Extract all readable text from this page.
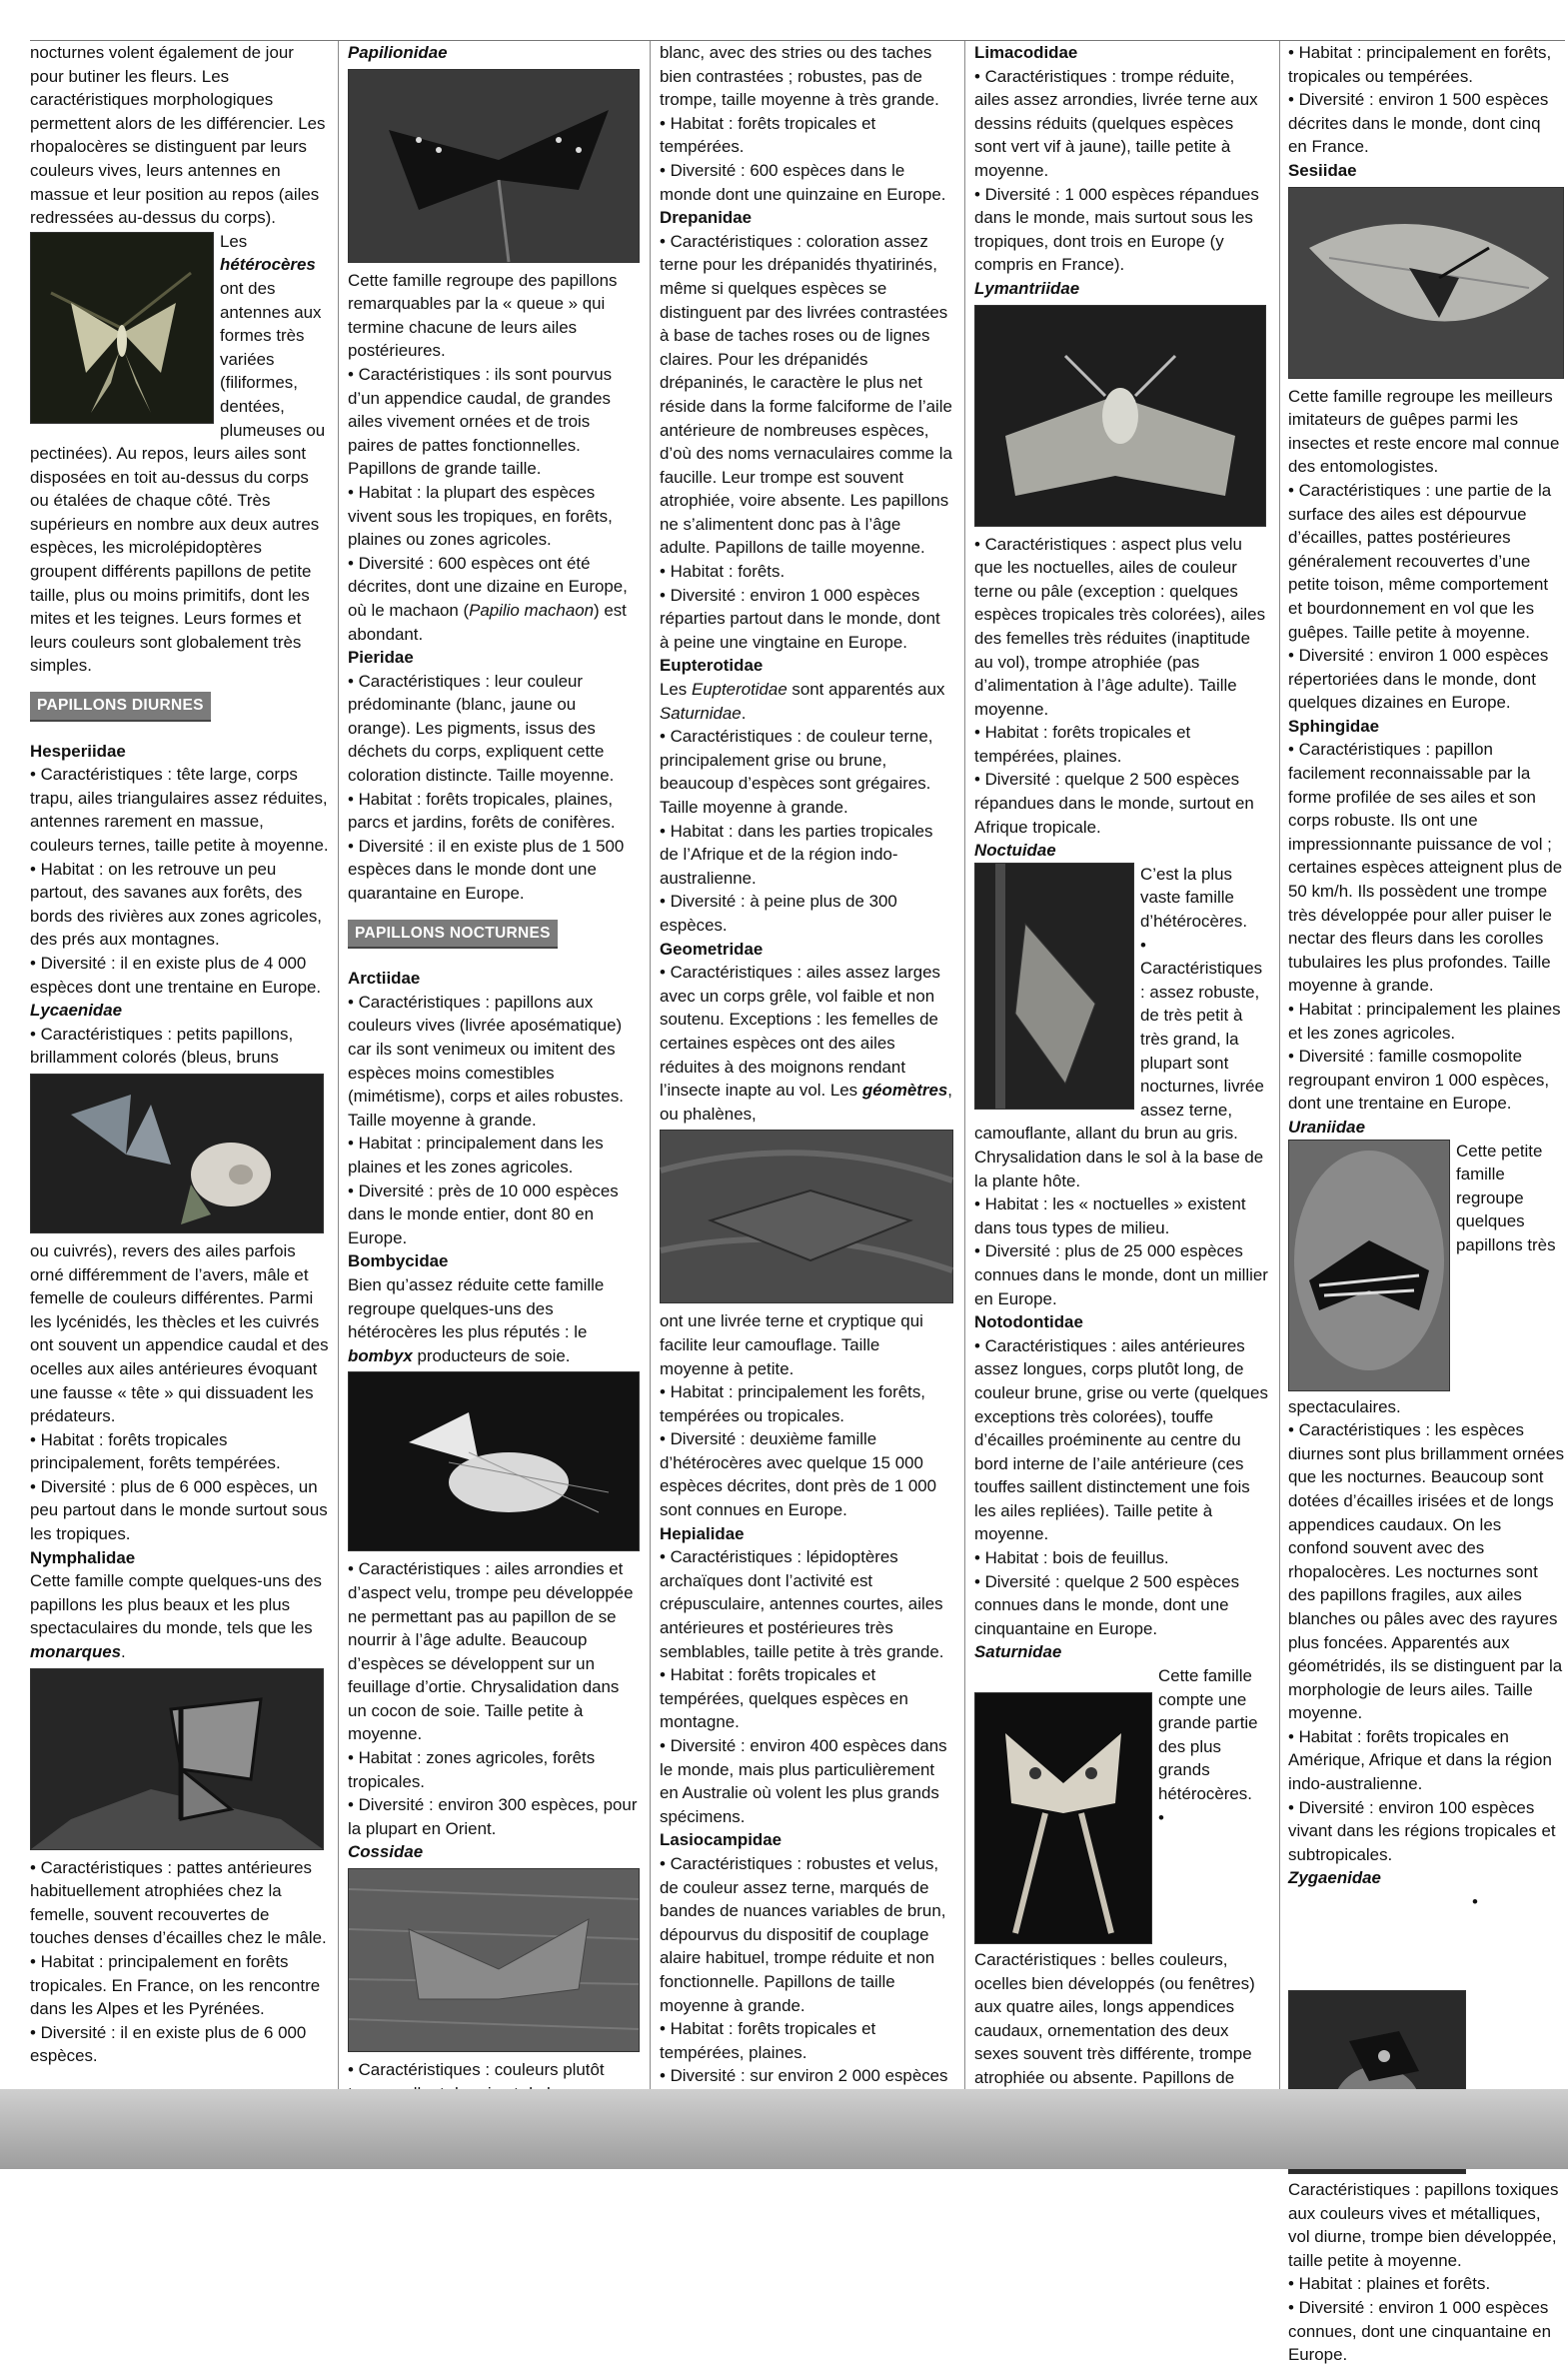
nocturnes volent également de jour pour butiner les fleurs. Les caractéristiques morphologiques permettent alors de les différencier. Les rhopalocères se distinguent par leurs couleurs vives, leurs antennes en massue et leur position au repos (ailes redressées au-dessus du corps).

Les hétérocères ont des antennes aux formes très variées (filiformes, dentées, plumeuses ou pectinées). Au repos, leurs ailes sont disposées en toit au-dessus du corps ou étalées de chaque côté. Très supérieurs en nombre aux deux autres espèces, les microlépidoptères groupent différents papillons de petite taille, plus ou moins primitifs, dont les mites et les teignes. Leurs formes et leurs couleurs sont globalement très simples.

PAPILLONS DIURNES

Hesperiidae

• Caractéristiques : tête large, corps trapu, ailes triangulaires assez réduites, antennes rarement en massue, couleurs ternes, taille petite à moyenne.
• Habitat : on les retrouve un peu partout, des savanes aux forêts, des bords des rivières aux zones agricoles, des prés aux montagnes.
• Diversité : il en existe plus de 4 000 espèces dont une trentaine en Europe.

Lycaenidae

• Caractéristiques : petits papillons, brillamment colorés (bleus, bruns

ou cuivrés), revers des ailes parfois orné différemment de l’avers, mâle et femelle de couleurs différentes. Parmi les lycénidés, les thècles et les cuivrés ont souvent un appendice caudal et des ocelles aux ailes antérieures évoquant une fausse « tête » qui dissuadent les prédateurs.
• Habitat : forêts tropicales principalement, forêts tempérées.
• Diversité : plus de 6 000 espèces, un peu partout dans le monde surtout sous les tropiques.

Nymphalidae

Cette famille compte quelques-uns des papillons les plus beaux et les plus spectaculaires du monde, tels que les monarques.

• Caractéristiques : pattes antérieures habituellement atrophiées chez la femelle, souvent recouvertes de touches denses d’écailles chez le mâle.
• Habitat : principalement en forêts tropicales. En France, on les rencontre dans les Alpes et les Pyrénées.
• Diversité : il en existe plus de 6 000 espèces.

Papilionidae

Cette famille regroupe des papillons remarquables par la « queue » qui termine chacune de leurs ailes postérieures.
• Caractéristiques : ils sont pourvus d’un appendice caudal, de grandes ailes vivement ornées et de trois paires de pattes fonctionnelles. Papillons de grande taille.
• Habitat : la plupart des espèces vivent sous les tropiques, en forêts, plaines ou zones agricoles.

• Diversité : 600 espèces ont été décrites, dont une dizaine en Europe, où le machaon (Papilio machaon) est abondant.

Pieridae

• Caractéristiques : leur couleur prédominante (blanc, jaune ou orange). Les pigments, issus des déchets du corps, expliquent cette coloration distincte. Taille moyenne.
• Habitat : forêts tropicales, plaines, parcs et jardins, forêts de conifères.
• Diversité : il en existe plus de 1 500 espèces dans le monde dont une quarantaine en Europe.

PAPILLONS NOCTURNES

Arctiidae

• Caractéristiques : papillons aux couleurs vives (livrée aposématique) car ils sont venimeux ou imitent des espèces moins comestibles (mimétisme), corps et ailes robustes. Taille moyenne à grande.
• Habitat : principalement dans les plaines et les zones agricoles.
• Diversité : près de 10 000 espèces dans le monde entier, dont 80 en Europe.

Bombycidae

Bien qu’assez réduite cette famille regroupe quelques-uns des hétérocères les plus réputés : le bombyx producteurs de soie.

• Caractéristiques : ailes arrondies et d’aspect velu, trompe peu développée ne permettant pas au papillon de se nourrir à l’âge adulte. Beaucoup d’espèces se développent sur un feuillage d’ortie. Chrysalidation dans un cocon de soie. Taille petite à moyenne.
• Habitat : zones agricoles, forêts tropicales.
• Diversité : environ 300 espèces, pour la plupart en Orient.

Cossidae

• Caractéristiques : couleurs plutôt

blanc, avec des stries ou des taches bien contrastées ; robustes, pas de trompe, taille moyenne à très grande.
• Habitat : forêts tropicales et tempérées.
• Diversité : 600 espèces dans le monde dont une quinzaine en Europe.

Drepanidae

• Caractéristiques : coloration assez terne pour les drépanidés thyatirinés, même si quelques espèces se distinguent par des livrées contrastées à base de taches roses ou de lignes claires. Pour les drépanidés drépaninés, le caractère le plus net réside dans la forme falciforme de l’aile antérieure de nombreuses espèces, d’où des noms vernaculaires comme la faucille. Leur trompe est souvent atrophiée, voire absente. Les papillons ne s’alimentent donc pas à l’âge adulte. Papillons de taille moyenne.
• Habitat : forêts.
• Diversité : environ 1 000 espèces réparties partout dans le monde, dont à peine une vingtaine en Europe.

Eupterotidae

Les Eupterotidae sont apparentés aux Saturnidae.

• Caractéristiques : de couleur terne, principalement grise ou brune, beaucoup d’espèces sont grégaires. Taille moyenne à grande.
• Habitat : dans les parties tropicales de l’Afrique et de la région indo-australienne.
• Diversité : à peine plus de 300 espèces.

Geometridae

• Caractéristiques : ailes assez larges avec un corps grêle, vol faible et non soutenu. Exceptions : les femelles de certaines espèces ont des ailes réduites à des moignons rendant l’insecte inapte au vol. Les géomètres, ou phalènes,

ont une livrée terne et cryptique qui facilite leur camouflage. Taille moyenne à petite.
• Habitat : principalement les forêts, tempérées ou tropicales.
• Diversité : deuxième famille d’hétérocères avec quelque 15 000 espèces décrites, dont près de 1 000 sont connues en Europe.

Hepialidae

• Caractéristiques : lépidoptères archaïques dont l’activité est crépusculaire, antennes courtes, ailes antérieures et postérieures très semblables, taille petite à très grande.
• Habitat : forêts tropicales et tempérées, quelques espèces en montagne.
• Diversité : environ 400 espèces dans le monde, mais plus particulièrement en Australie où volent les plus grands spécimens.

Lasiocampidae

• Caractéristiques : robustes et velus, de couleur assez terne, marqués de bandes de nuances variables de brun, dépourvus du dispositif de couplage alaire habituel, trompe réduite et non fonctionnelle. Papillons de taille moyenne à grande.
• Habitat : forêts tropicales et tempérées, plaines.
• Diversité : sur environ 2 000 espèces

Limacodidae

• Caractéristiques : trompe réduite, ailes assez arrondies, livrée terne aux dessins réduits (quelques espèces sont vert vif à jaune), taille petite à moyenne.
• Diversité : 1 000 espèces répandues dans le monde, mais surtout sous les tropiques, dont trois en Europe (y compris en France).

Lymantriidae

• Caractéristiques : aspect plus velu que les noctuelles, ailes de couleur terne ou pâle (exception : quelques espèces tropicales très colorées), ailes des femelles très réduites (inaptitude au vol), trompe atrophiée (pas d’alimentation à l’âge adulte). Taille moyenne.
• Habitat : forêts tropicales et tempérées, plaines.
• Diversité : quelque 2 500 espèces répandues dans le monde, surtout en Afrique tropicale.

Noctuidae

C’est la plus vaste famille d’hétérocères.
• Caractéristiques : assez robuste, de très petit à très grand, la plupart sont nocturnes, livrée assez terne, camouflante, allant du brun au gris. Chrysalidation dans le sol à la base de la plante hôte.
• Habitat : les « noctuelles » existent dans tous types de milieu.
• Diversité : plus de 25 000 espèces connues dans le monde, dont un millier en Europe.

Notodontidae

• Caractéristiques : ailes antérieures assez longues, corps plutôt long, de couleur brune, grise ou verte (quelques exceptions très colorées), touffe d’écailles proéminente au centre du bord interne de l’aile antérieure (ces touffes saillent distinctement une fois les ailes repliées). Taille petite à moyenne.
• Habitat : bois de feuillus.
• Diversité : quelque 2 500 espèces connues dans le monde, dont une cinquantaine en Europe.

Saturnidae

Cette famille compte une grande partie des plus grands hétérocères.
• Caractéristiques : belles couleurs, ocelles bien développés (ou fenêtres) aux quatre ailes, longs appendices caudaux, ornementation des deux sexes souvent très différente, trompe atrophiée ou absente. Papillons de

• Habitat : principalement en forêts, tropicales ou tempérées.
• Diversité : environ 1 500 espèces décrites dans le monde, dont cinq en France.

Sesiidae

Cette famille regroupe les meilleurs imitateurs de guêpes parmi les insectes et reste encore mal connue des entomologistes.
• Caractéristiques : une partie de la surface des ailes est dépourvue d’écailles, pattes postérieures généralement recouvertes d’une petite toison, même comportement et bourdonnement en vol que les guêpes. Taille petite à moyenne.
• Diversité : environ 1 000 espèces répertoriées dans le monde, dont quelques dizaines en Europe.

Sphingidae

• Caractéristiques : papillon facilement reconnaissable par la forme profilée de ses ailes et son corps robuste. Ils ont une impressionnante puissance de vol ; certaines espèces atteignent plus de 50 km/h. Ils possèdent une trompe très développée pour aller puiser le nectar des fleurs dans les corolles tubulaires les plus profondes. Taille moyenne à grande.
• Habitat : principalement les plaines et les zones agricoles.
• Diversité : famille cosmopolite regroupant environ 1 000 espèces, dont une trentaine en Europe.

Uraniidae

Cette petite famille regroupe quelques papillons très spectaculaires.
• Caractéristiques : les espèces diurnes sont plus brillamment ornées que les nocturnes. Beaucoup sont dotées d’écailles irisées et de longs appendices caudaux. On les confond souvent avec des rhopalocères. Les nocturnes sont des papillons fragiles, aux ailes blanches ou pâles avec des rayures plus foncées. Apparentés aux géométridés, ils se distinguent par la morphologie de leurs ailes. Taille moyenne.
• Habitat : forêts tropicales en Amérique, Afrique et dans la région indo-australienne.
• Diversité : environ 100 espèces vivant dans les régions tropicales et subtropicales.

Zygaenidae

• Caractéristiques : papillons toxiques aux couleurs vives et métalliques, vol diurne, trompe bien développée, taille petite à moyenne.
• Habitat : plaines et forêts.
• Diversité : environ 1 000 espèces connues, dont une cinquantaine en Europe.
